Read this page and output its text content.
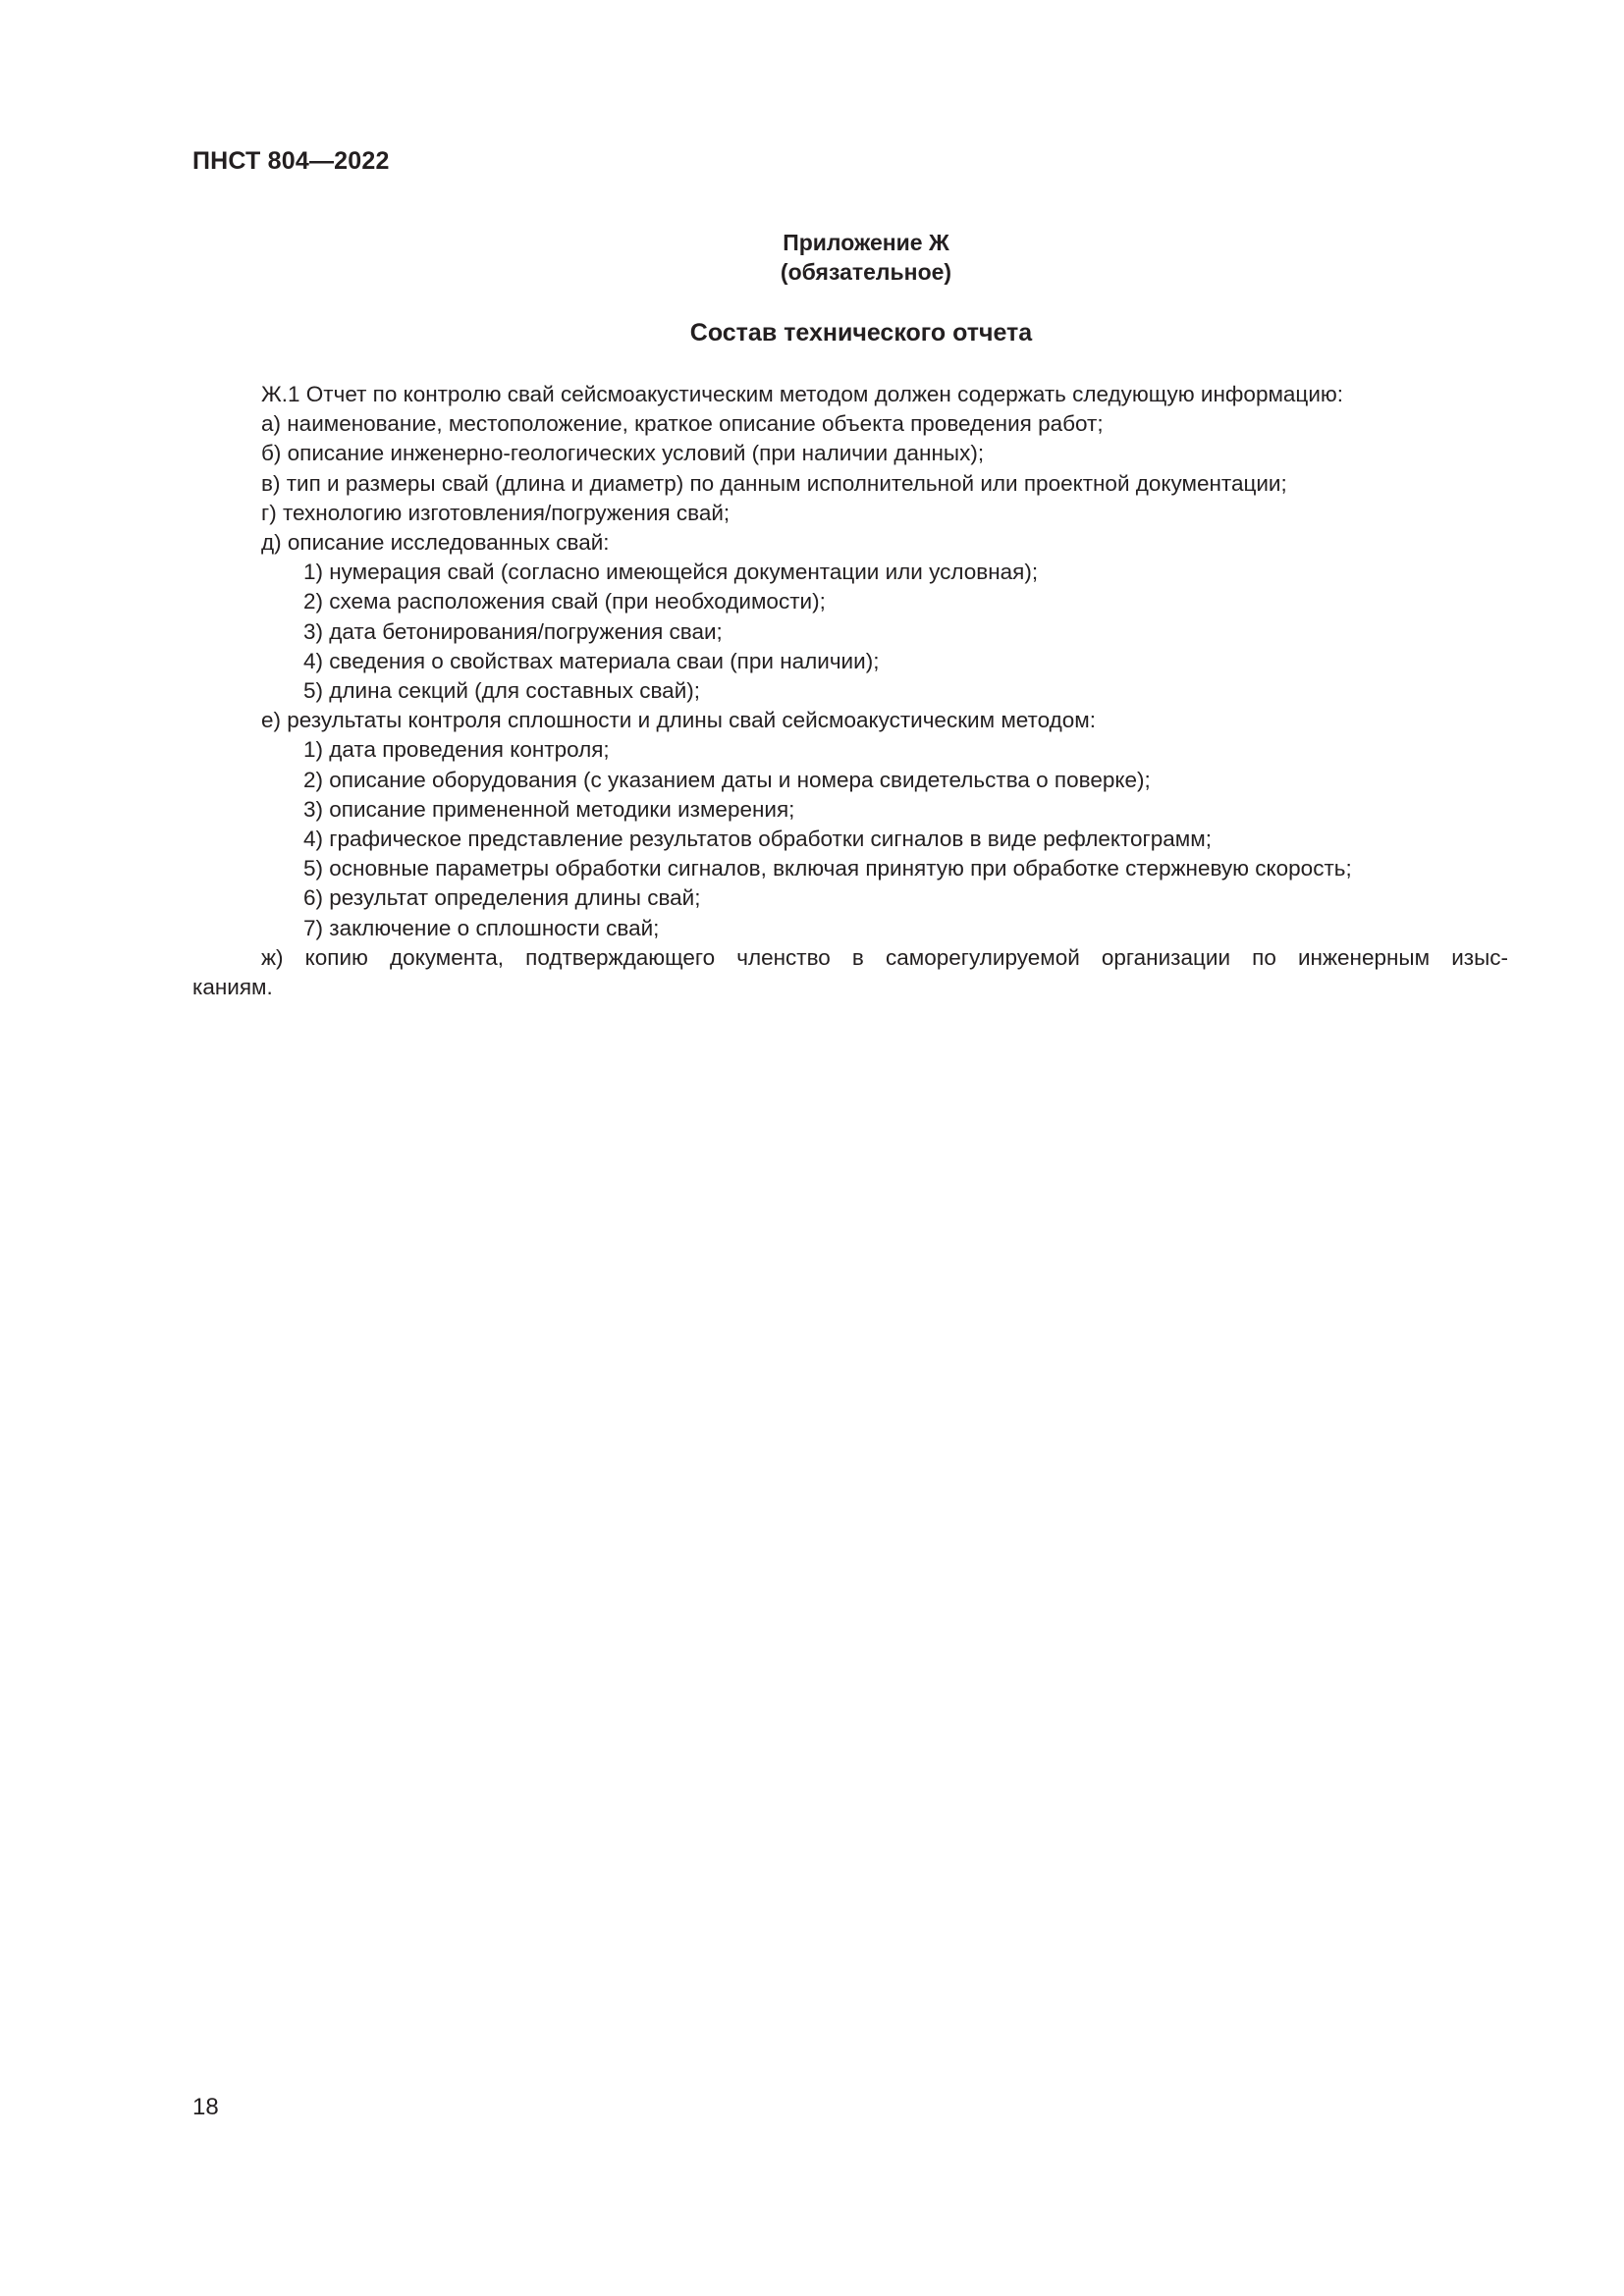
ПНСТ 804—2022
Приложение Ж
(обязательное)
Состав технического отчета
Ж.1 Отчет по контролю свай сейсмоакустическим методом должен содержать следующую информацию:
а) наименование, местоположение, краткое описание объекта проведения работ;
б) описание инженерно-геологических условий (при наличии данных);
в) тип и размеры свай (длина и диаметр) по данным исполнительной или проектной документации;
г) технологию изготовления/погружения свай;
д) описание исследованных свай:
1) нумерация свай (согласно имеющейся документации или условная);
2) схема расположения свай (при необходимости);
3) дата бетонирования/погружения сваи;
4) сведения о свойствах материала сваи (при наличии);
5) длина секций (для составных свай);
е) результаты контроля сплошности и длины свай сейсмоакустическим методом:
1) дата проведения контроля;
2) описание оборудования (с указанием даты и номера свидетельства о поверке);
3) описание примененной методики измерения;
4) графическое представление результатов обработки сигналов в виде рефлектограмм;
5) основные параметры обработки сигналов, включая принятую при обработке стержневую скорость;
6) результат определения длины свай;
7) заключение о сплошности свай;
ж) копию документа, подтверждающего членство в саморегулируемой организации по инженерным изыс-
каниям.
18
